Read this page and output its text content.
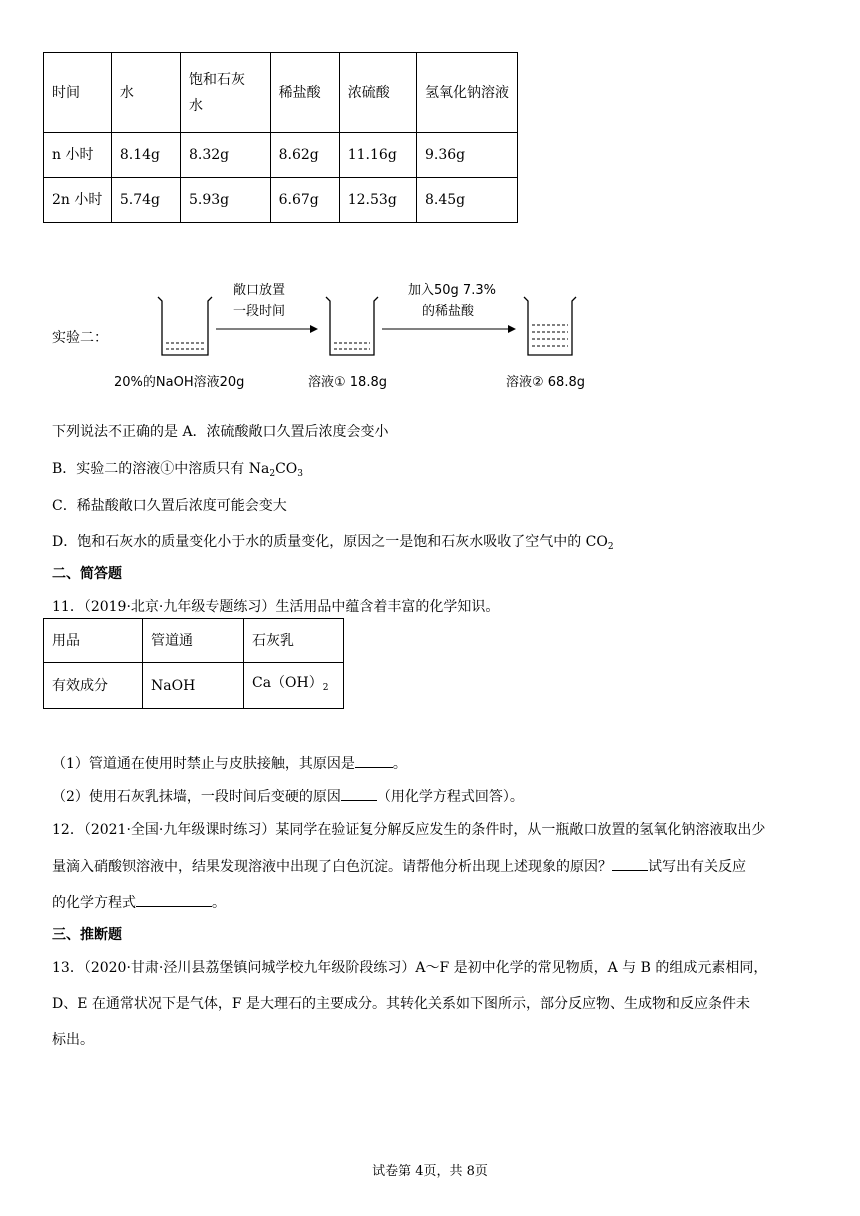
时间	水	饱和石灰水	稀盐酸	浓硫酸	氢氧化钠溶液

n 小时	8.14g	8.32g	8.62g	11.16g	9.36g
2n 小时	5.74g	5.93g	6.67g	12.53g	8.45g
实验二：
敞口放置
一段时间
加入50g 7.3%
的稀盐酸
20%的NaOH溶液20g	溶液① 18.8g	溶液② 68.8g
下列说法不正确的是 A．浓硫酸敞口久置后浓度会变小
B．实验二的溶液①中溶质只有 $Na_2CO_3$
C．稀盐酸敞口久置后浓度可能会变大
D．饱和石灰水的质量变化小于水的质量变化，原因之一是饱和石灰水吸收了空气中的 $CO_2$
二、简答题
11．（2019·北京·九年级专题练习）生活用品中蕴含着丰富的化学知识。
用品	管道通	石灰乳
有效成分	NaOH	$Ca(OH)_2$
（1）管道通在使用时禁止与皮肤接触，其原因是	。
（2）使用石灰乳抹墙，一段时间后变硬的原因	（用化学方程式回答）。
12．（2021·全国·九年级课时练习）某同学在验证复分解反应发生的条件时，从一瓶敞口放置的氢氧化钠溶液取出少
量滴入硝酸钡溶液中，结果发现溶液中出现了白色沉淀。请帮他分析出现上述现象的原因？	试写出有关反应
的化学方程式	。
三、推断题
13．（2020·甘肃·泾川县荔堡镇问城学校九年级阶段练习）A～F 是初中化学的常见物质，A 与 B 的组成元素相同，
D、E 在通常状况下是气体，F 是大理石的主要成分。其转化关系如下图所示，部分反应物、生成物和反应条件未
标出。
试卷第 4页，共 8页
